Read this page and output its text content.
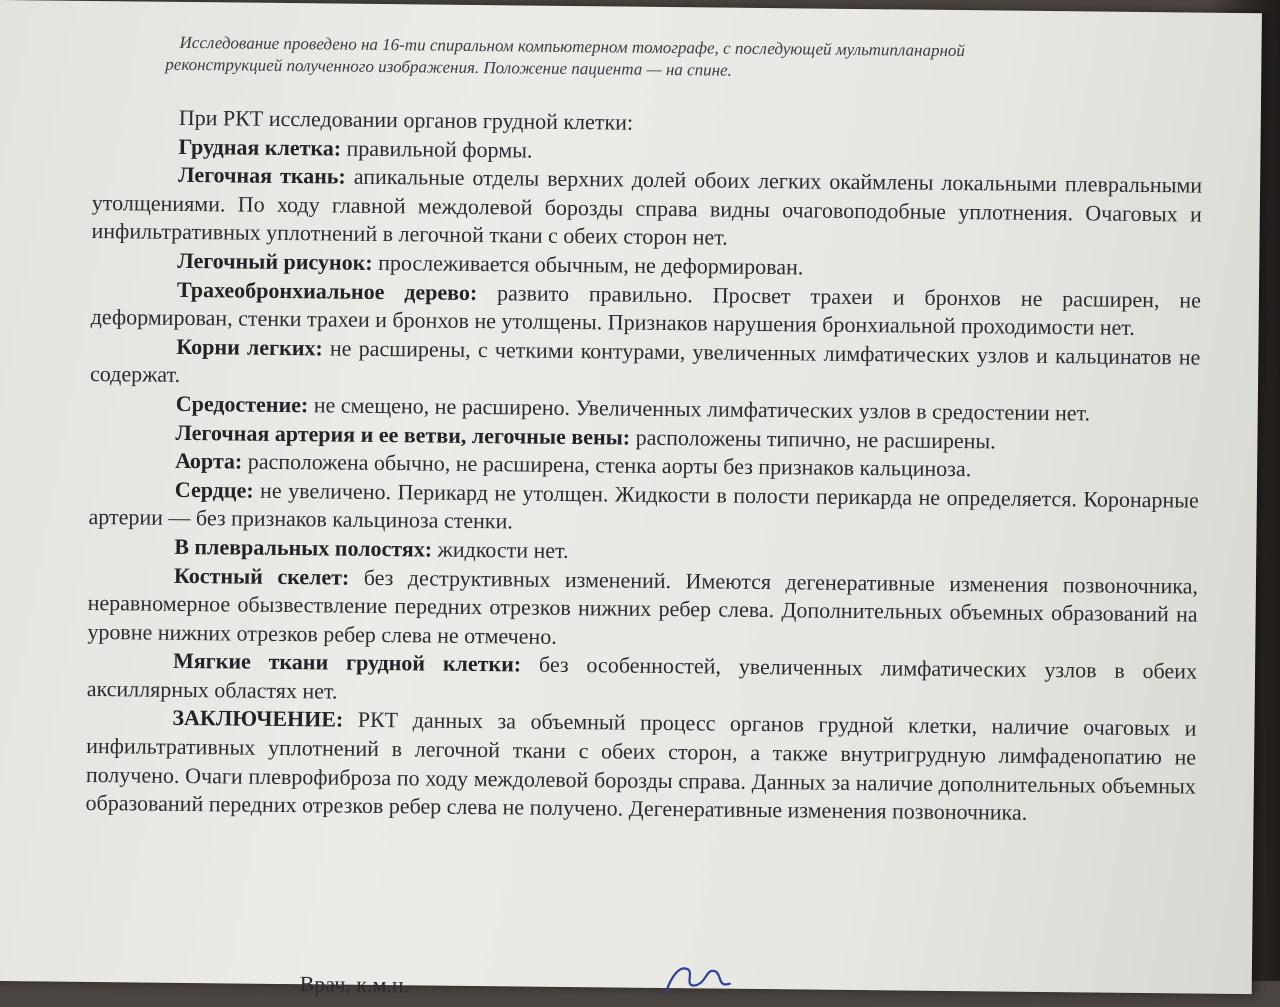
Исследование проведено на 16-ти спиральном компьютерном томографе, с последующей мультипланарной
реконструкцией полученного изображения. Положение пациента — на спине.
При РКТ исследовании органов грудной клетки:

Грудная клетка: правильной формы.

Легочная ткань: апикальные отделы верхних долей обоих легких окаймлены локальными плевральными утолщениями. По ходу главной междолевой борозды справа видны очаговоподобные уплотнения. Очаговых и инфильтративных уплотнений в легочной ткани с обеих сторон нет.

Легочный рисунок: прослеживается обычным, не деформирован.

Трахеобронхиальное дерево: развито правильно. Просвет трахеи и бронхов не расширен, не деформирован, стенки трахеи и бронхов не утолщены. Признаков нарушения бронхиальной проходимости нет.

Корни легких: не расширены, с четкими контурами, увеличенных лимфатических узлов и кальцинатов не содержат.

Средостение: не смещено, не расширено. Увеличенных лимфатических узлов в средостении нет.

Легочная артерия и ее ветви, легочные вены: расположены типично, не расширены.

Аорта: расположена обычно, не расширена, стенка аорты без признаков кальциноза.

Сердце: не увеличено. Перикард не утолщен. Жидкости в полости перикарда не определяется. Коронарные артерии — без признаков кальциноза стенки.

В плевральных полостях: жидкости нет.

Костный скелет: без деструктивных изменений. Имеются дегенеративные изменения позвоночника, неравномерное обызвествление передних отрезков нижних ребер слева. Дополнительных объемных образований на уровне нижних отрезков ребер слева не отмечено.

Мягкие ткани грудной клетки: без особенностей, увеличенных лимфатических узлов в обеих аксиллярных областях нет.

ЗАКЛЮЧЕНИЕ: РКТ данных за объемный процесс органов грудной клетки, наличие очаговых и инфильтративных уплотнений в легочной ткани с обеих сторон, а также внутригрудную лимфаденопатию не получено. Очаги плеврофиброза по ходу междолевой борозды справа. Данных за наличие дополнительных объемных образований передних отрезков ребер слева не получено. Дегенеративные изменения позвоночника.

Врач, к.м.н.
